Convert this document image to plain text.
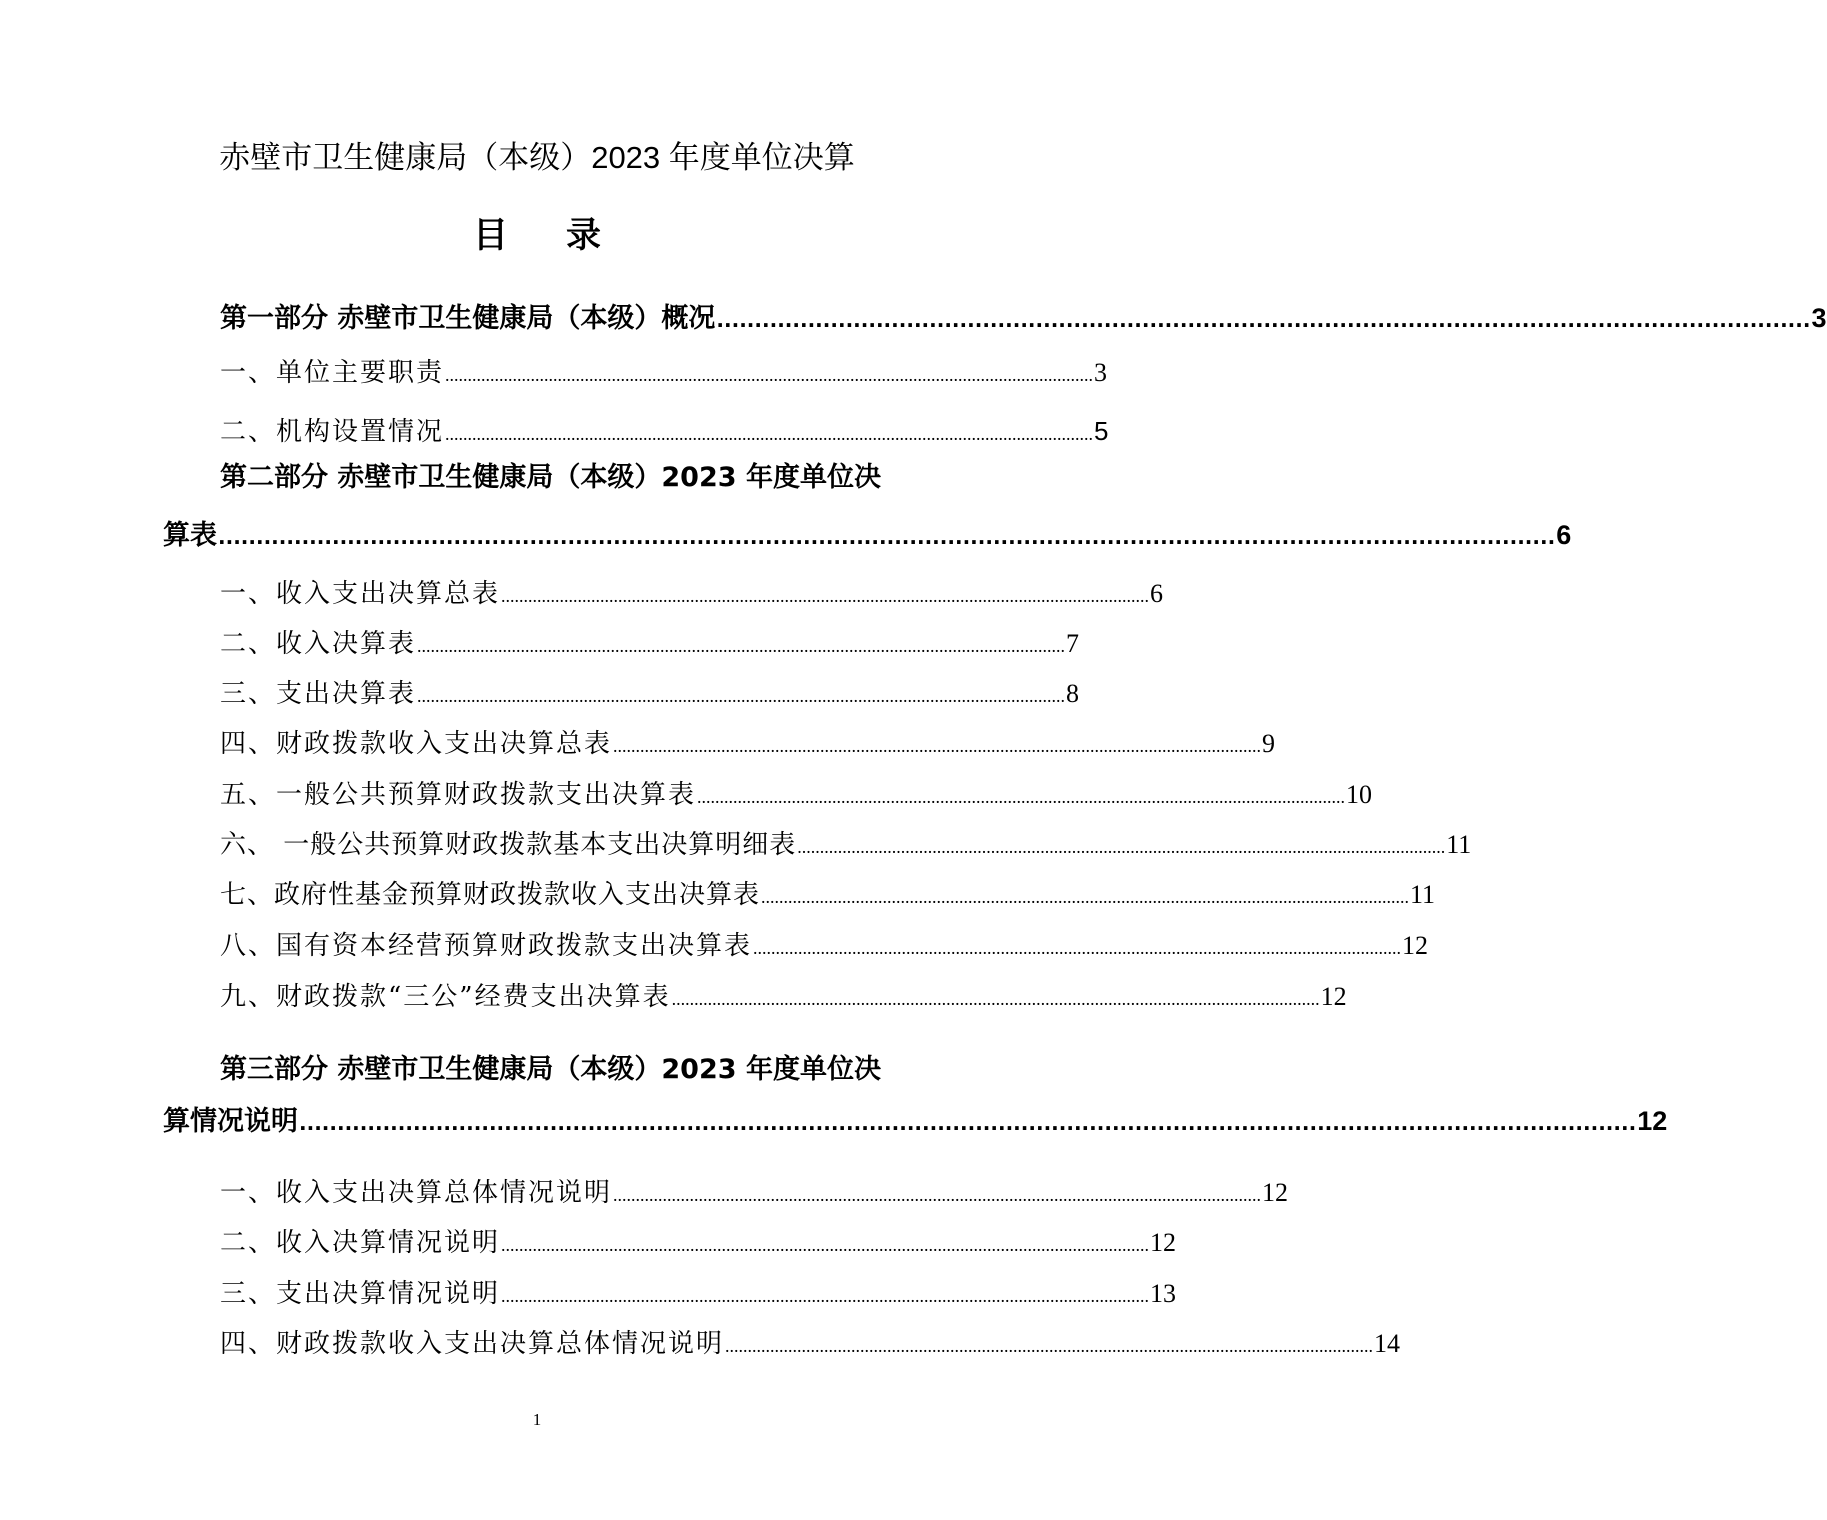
赤壁市卫生健康局（本级）2023 年度单位决算
目录
第一部分 赤壁市卫生健康局（本级）概况 ................................................................................................................................................ 3
一、单位主要职责 ................................................................................................................................................ 3
二、机构设置情况 ................................................................................................................................................ 5
第二部分 赤壁市卫生健康局（本级）2023 年度单位决
算表 ................................................................................................................................................................................ 6
一、收入支出决算总表 ................................................................................................................................................ 6
二、收入决算表 ................................................................................................................................................ 7
三、支出决算表 ................................................................................................................................................ 8
四、财政拨款收入支出决算总表 ................................................................................................................................................ 9
五、一般公共预算财政拨款支出决算表 ................................................................................................................................................ 10
六、 一般公共预算财政拨款基本支出决算明细表 ................................................................................................................................................ 11
七、政府性基金预算财政拨款收入支出决算表 ................................................................................................................................................ 11
八、国有资本经营预算财政拨款支出决算表 ................................................................................................................................................ 12
九、财政拨款“三公”经费支出决算表 ................................................................................................................................................ 12
第三部分 赤壁市卫生健康局（本级）2023 年度单位决
算情况说明 ................................................................................................................................................................................ 12
一、收入支出决算总体情况说明 ................................................................................................................................................ 12
二、收入决算情况说明 ................................................................................................................................................ 12
三、支出决算情况说明 ................................................................................................................................................ 13
四、财政拨款收入支出决算总体情况说明 ................................................................................................................................................ 14
1
